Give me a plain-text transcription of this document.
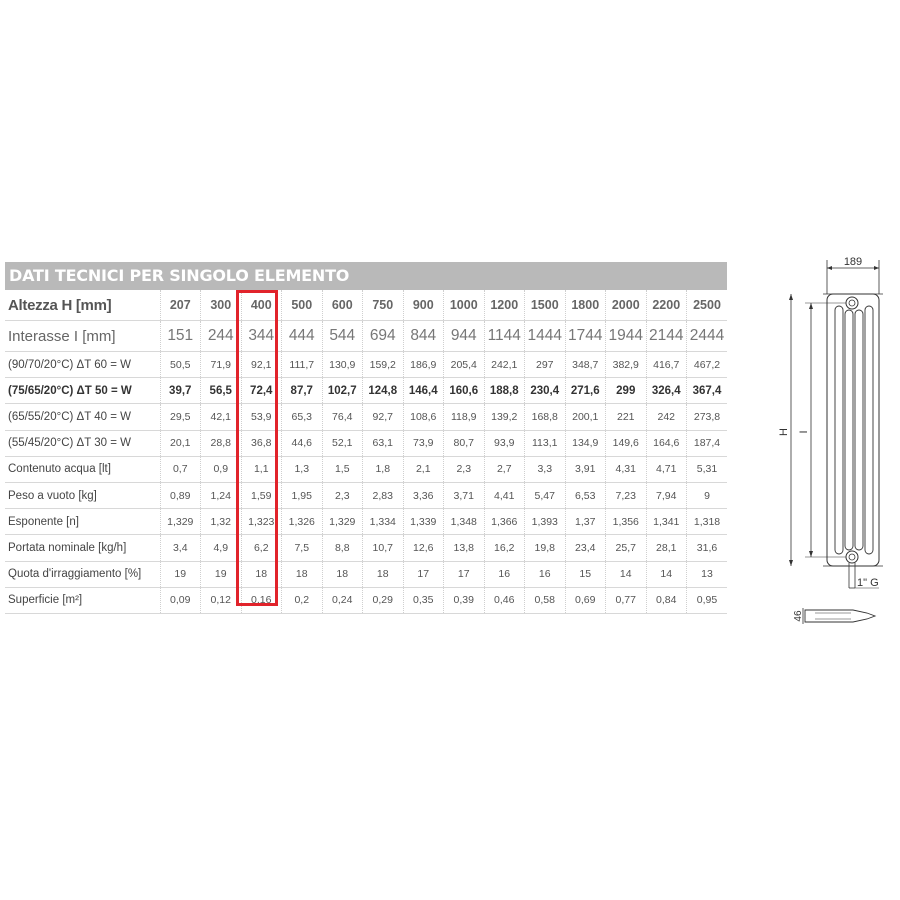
DATI TECNICI PER SINGOLO ELEMENTO
Altezza H [mm]	207	300	400	500	600	750	900	1000	1200	1500	1800	2000	2200	2500
Interasse I [mm]	151	244	344	444	544	694	844	944	1144	1444	1744	1944	2144	2444
(90/70/20°C) ΔT 60 = W	50,5	71,9	92,1	111,7	130,9	159,2	186,9	205,4	242,1	297	348,7	382,9	416,7	467,2
(75/65/20°C) ΔT 50 = W	39,7	56,5	72,4	87,7	102,7	124,8	146,4	160,6	188,8	230,4	271,6	299	326,4	367,4
(65/55/20°C) ΔT 40 = W	29,5	42,1	53,9	65,3	76,4	92,7	108,6	118,9	139,2	168,8	200,1	221	242	273,8
(55/45/20°C) ΔT 30 = W	20,1	28,8	36,8	44,6	52,1	63,1	73,9	80,7	93,9	113,1	134,9	149,6	164,6	187,4
Contenuto acqua [lt]	0,7	0,9	1,1	1,3	1,5	1,8	2,1	2,3	2,7	3,3	3,91	4,31	4,71	5,31
Peso a vuoto [kg]	0,89	1,24	1,59	1,95	2,3	2,83	3,36	3,71	4,41	5,47	6,53	7,23	7,94	9
Esponente [n]	1,329	1,32	1,323	1,326	1,329	1,334	1,339	1,348	1,366	1,393	1,37	1,356	1,341	1,318
Portata nominale [kg/h]	3,4	4,9	6,2	7,5	8,8	10,7	12,6	13,8	16,2	19,8	23,4	25,7	28,1	31,6
Quota d'irraggiamento [%]	19	19	18	18	18	18	17	17	16	16	15	14	14	13
Superficie [m²]	0,09	0,12	0,16	0,2	0,24	0,29	0,35	0,39	0,46	0,58	0,69	0,77	0,84	0,95
189
H I
1" G
46
